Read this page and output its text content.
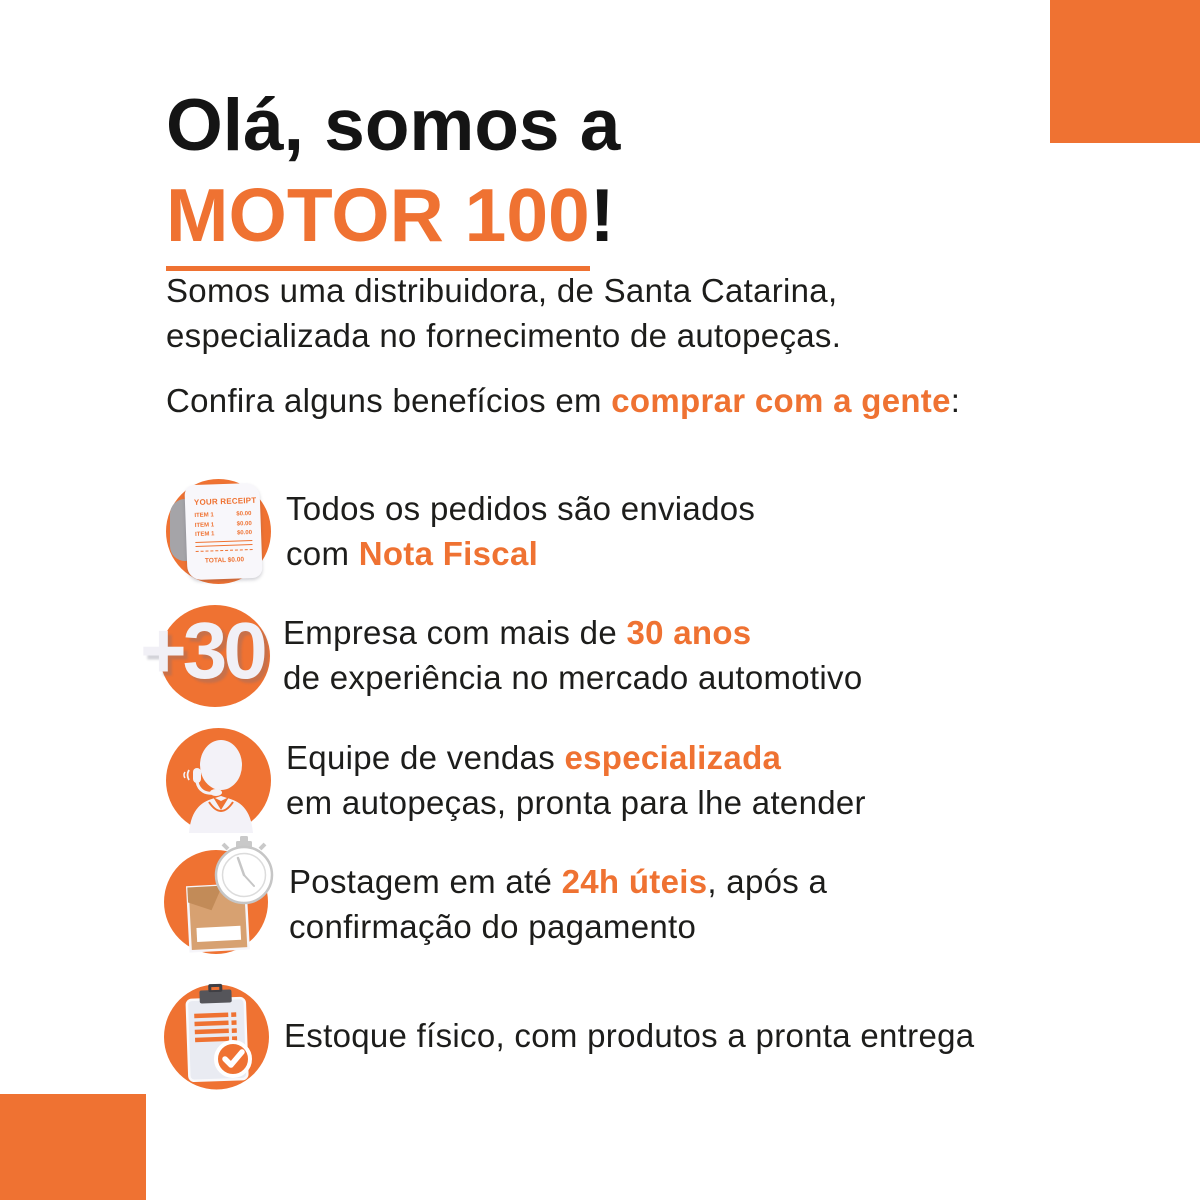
Olá, somos a
MOTOR 100!

Somos uma distribuidora, de Santa Catarina,
especializada no fornecimento de autopeças.

Confira alguns benefícios em comprar com a gente:

YOUR RECEIPT
ITEM 1	$0.00
ITEM 1	$0.00
ITEM 1	$0.00
TOTAL $0.00
Todos os pedidos são enviados
com Nota Fiscal
+30 Empresa com mais de 30 anos
de experiência no mercado automotivo
Equipe de vendas especializada
em autopeças, pronta para lhe atender
Postagem em até 24h úteis, após a
confirmação do pagamento
Estoque físico, com produtos a pronta entrega
